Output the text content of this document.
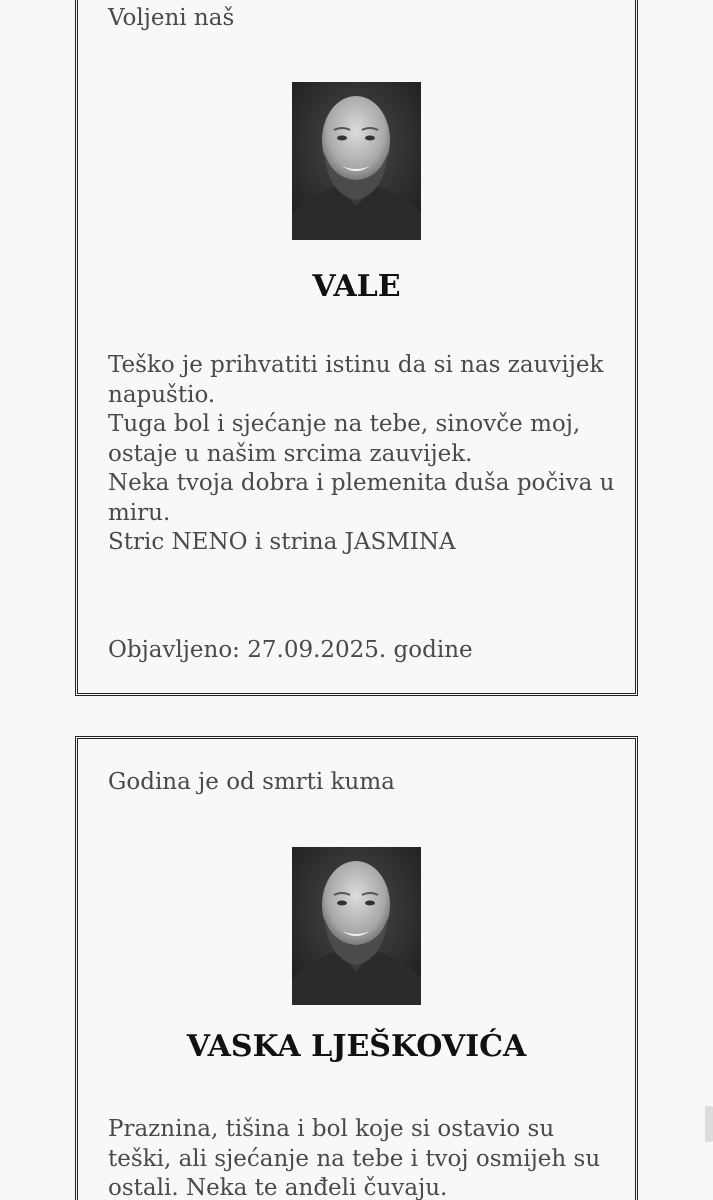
Voljeni naš
VALE
Teško je prihvatiti istinu da si nas zauvijek
napuštio.
Tuga bol i sjećanje na tebe, sinovče moj,
ostaje u našim srcima zauvijek.
Neka tvoja dobra i plemenita duša počiva u
miru.
Stric NENO i strina JASMINA
Objavljeno: 27.09.2025. godine
Godina je od smrti kuma
VASKA LJEŠKOVIĆA
Praznina, tišina i bol koje si ostavio su
teški, ali sjećanje na tebe i tvoj osmijeh su
ostali. Neka te anđeli čuvaju.
